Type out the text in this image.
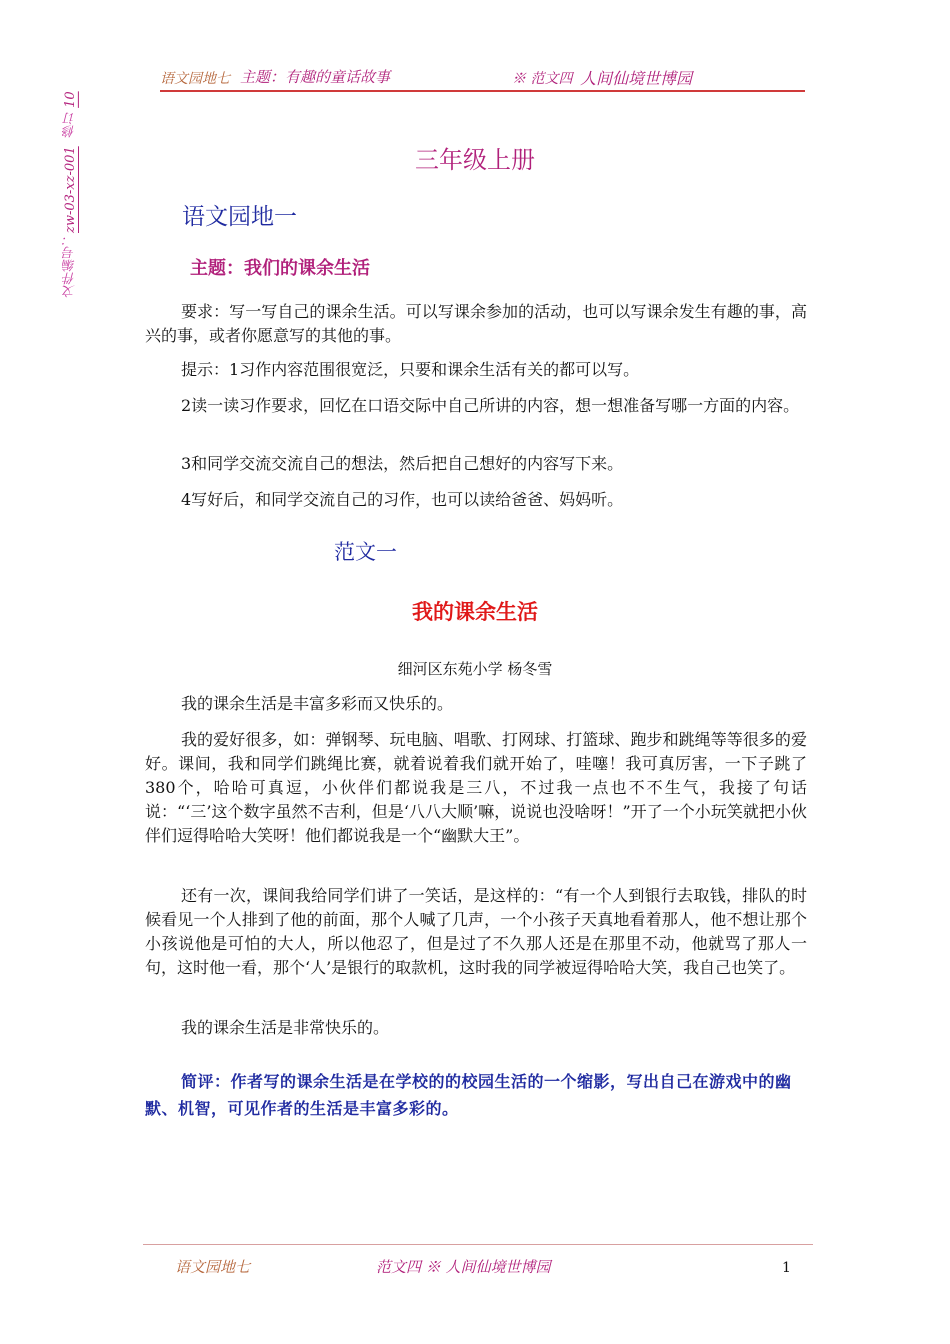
文件编号：zw-03-xz-001  修订 10
语文园地七 主题：有趣的童话故事	※ 范文四 人间仙境世博园
三年级上册
语文园地一
主题：我们的课余生活
要求：写一写自己的课余生活。可以写课余参加的活动，也可以写课余发生有趣的事，高兴的事，或者你愿意写的其他的事。
提示：1习作内容范围很宽泛，只要和课余生活有关的都可以写。
2读一读习作要求，回忆在口语交际中自己所讲的内容，想一想准备写哪一方面的内容。
3和同学交流交流自己的想法，然后把自己想好的内容写下来。
4写好后，和同学交流自己的习作，也可以读给爸爸、妈妈听。
范文一
我的课余生活
细河区东苑小学 杨冬雪
我的课余生活是丰富多彩而又快乐的。
我的爱好很多，如：弹钢琴、玩电脑、唱歌、打网球、打篮球、跑步和跳绳等等很多的爱好。课间，我和同学们跳绳比赛，就着说着我们就开始了，哇噻！我可真厉害，一下子跳了380个，哈哈可真逗，小伙伴们都说我是三八，不过我一点也不不生气，我接了句话说：“‘三’这个数字虽然不吉利，但是‘八八大顺’嘛，说说也没啥呀！”开了一个小玩笑就把小伙伴们逗得哈哈大笑呀！他们都说我是一个“幽默大王”。
还有一次，课间我给同学们讲了一笑话，是这样的：“有一个人到银行去取钱，排队的时候看见一个人排到了他的前面，那个人喊了几声，一个小孩子天真地看着那人，他不想让那个小孩说他是可怕的大人，所以他忍了，但是过了不久那人还是在那里不动，他就骂了那人一句，这时他一看，那个‘人’是银行的取款机，这时我的同学被逗得哈哈大笑，我自己也笑了。
我的课余生活是非常快乐的。
简评：作者写的课余生活是在学校的的校园生活的一个缩影，写出自己在游戏中的幽默、机智，可见作者的生活是丰富多彩的。
语文园地七	范文四 ※ 人间仙境世博园	1
